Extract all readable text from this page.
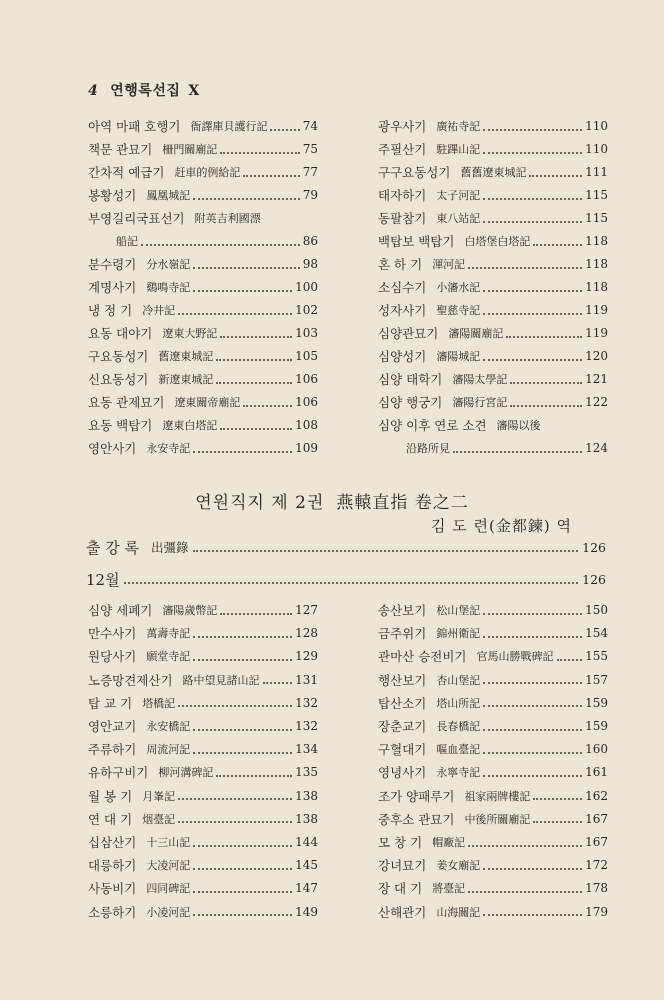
4 연행록선집 X
아역 마패 호행기 衙譯庫貝護行記	74
책문 관묘기 柵門關廟記	75
간차적 예급기 赶車的例給記	77
봉황성기 鳳凰城記	79
부영길리국표선기 附英吉利國漂
船記	86
분수령기 分水嶺記	98
계명사기 鷄鳴寺記	100
냉 정 기 冷井記	102
요동 대야기 遼東大野記	103
구요동성기 舊遼東城記	105
신요동성기 新遼東城記	106
요동 관제묘기 遼東關帝廟記	106
요동 백탑기 遼東白塔記	108
영안사기 永安寺記	109
광우사기 廣祐寺記	110
주필산기 駐蹕山記	110
구구요동성기 舊舊遼東城記	111
태자하기 太子河記	115
동팔참기 東八站記	115
백탑보 백탑기 白塔堡白塔記	118
혼 하 기 渾河記	118
소심수기 小瀋水記	118
성자사기 聖慈寺記	119
심양관묘기 瀋陽關廟記	119
심양성기 瀋陽城記	120
심양 태학기 瀋陽太學記	121
심양 행궁기 瀋陽行宮記	122
심양 이후 연로 소견 瀋陽以後
沿路所見	124
연원직지 제 2권 燕轅直指 卷之二
김 도 련(金都鍊) 역
출 강 록 出彊錄	126
12월	126
심양 세폐기 瀋陽歲幣記	127
만수사기 萬壽寺記	128
원당사기 願堂寺記	129
노증망견제산기 路中望見諸山記	131
탑 교 기 塔橋記	132
영안교기 永安橋記	132
주류하기 周流河記	134
유하구비기 柳河溝碑記	135
월 봉 기 月峯記	138
연 대 기 烟臺記	138
십삼산기 十三山記	144
대릉하기 大凌河記	145
사동비기 四同碑記	147
소릉하기 小凌河記	149
송산보기 松山堡記	150
금주위기 錦州衛記	154
관마산 승전비기 官馬山勝戰碑記	155
행산보기 杏山堡記	157
탑산소기 塔山所記	159
장춘교기 長春橋記	159
구혈대기 嘔血臺記	160
영녕사기 永寧寺記	161
조가 양패루기 祖家兩牌樓記	162
중후소 관묘기 中後所關廟記	167
모 창 기 帽廠記	167
강녀묘기 姜女廟記	172
장 대 기 將臺記	178
산해관기 山海關記	179
